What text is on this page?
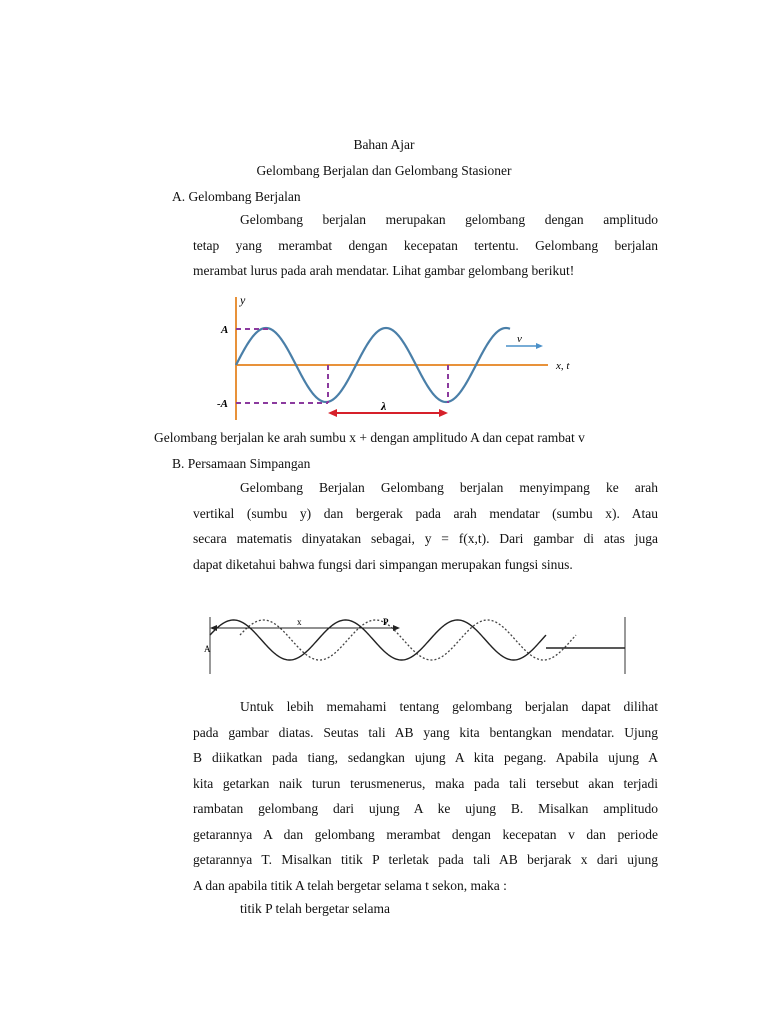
Bahan Ajar
Gelombang Berjalan dan Gelombang Stasioner
A. Gelombang Berjalan
Gelombang berjalan merupakan gelombang dengan amplitudo
tetap yang merambat dengan kecepatan tertentu. Gelombang berjalan
merambat lurus pada arah mendatar. Lihat gambar gelombang berikut!
y
x, t
A
-A	λ
v
Gelombang berjalan ke arah sumbu x + dengan amplitudo A dan cepat rambat v
B. Persamaan Simpangan
Gelombang Berjalan Gelombang berjalan menyimpang ke arah
vertikal (sumbu y) dan bergerak pada arah mendatar (sumbu x). Atau
secara matematis dinyatakan sebagai, y = f(x,t). Dari gambar di atas juga
dapat diketahui bahwa fungsi dari simpangan merupakan fungsi sinus.
A
x	P
Untuk lebih memahami tentang gelombang berjalan dapat dilihat
pada gambar diatas. Seutas tali AB yang kita bentangkan mendatar. Ujung
B diikatkan pada tiang, sedangkan ujung A kita pegang. Apabila ujung A
kita getarkan naik turun terusmenerus, maka pada tali tersebut akan terjadi
rambatan gelombang dari ujung A ke ujung B. Misalkan amplitudo
getarannya A dan gelombang merambat dengan kecepatan v dan periode
getarannya T. Misalkan titik P terletak pada tali AB berjarak x dari ujung
A dan apabila titik A telah bergetar selama t sekon, maka :
titik P telah bergetar selama
